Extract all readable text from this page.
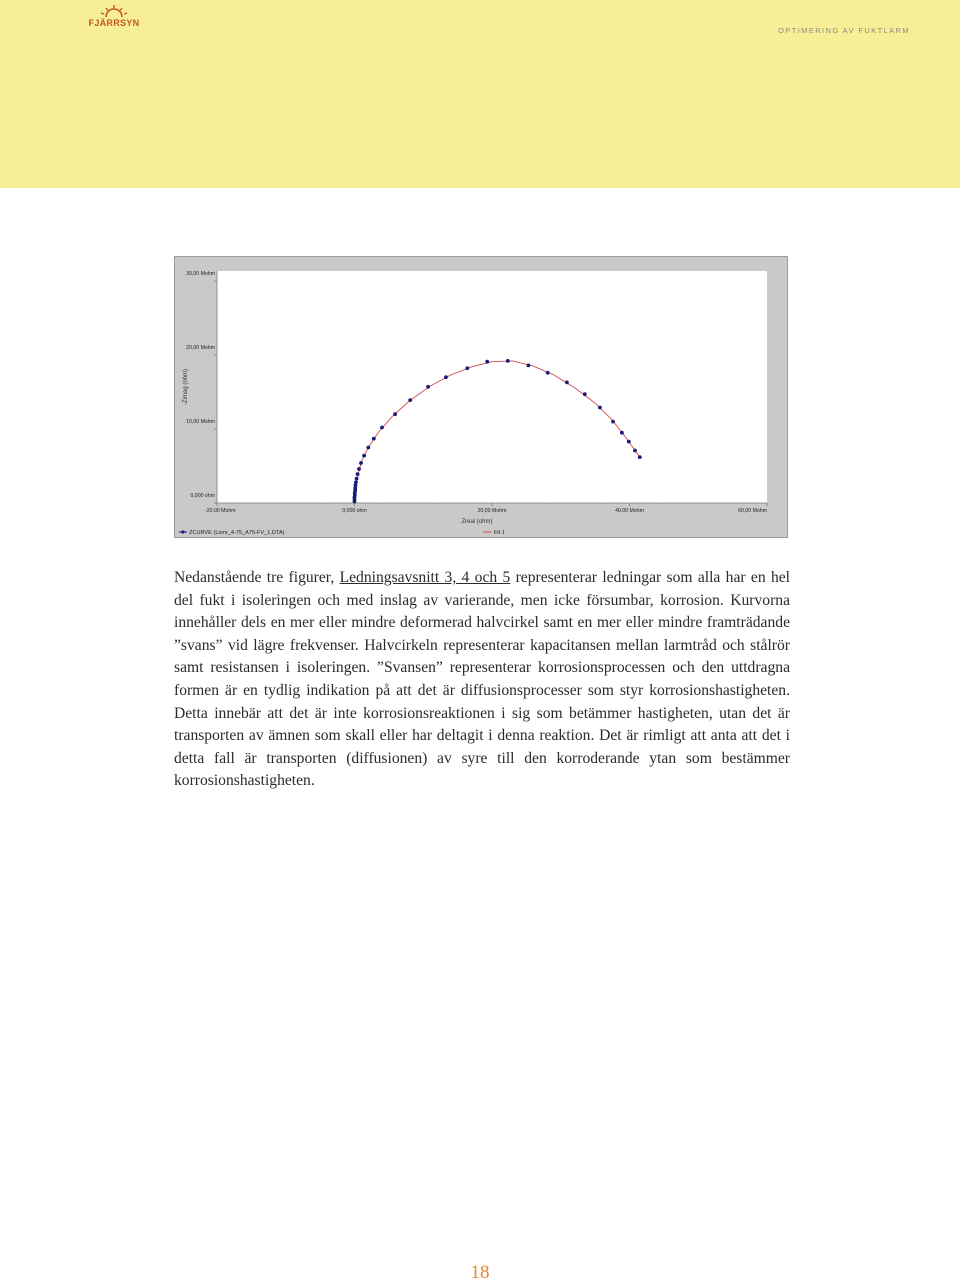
FJÄRRSYN
OPTIMERING AV FUKTLARM
0,000 ohm
10,00 Mohm
20,00 Mohm
30,00 Mohm
-20,00 Mohm	0,000 ohm	20,00 Mohm	40,00 Mohm	60,00 Mohm
-Zimag (ohm)
Zreal (ohm)
ZCURVE (Lsmr_4-75_A75-FV_1.DTA)	Fit 1
Nedanstående tre figurer, Ledningsavsnitt 3, 4 och 5 representerar ledningar som alla har en hel del fukt i isoleringen och med inslag av varierande, men icke försumbar, korrosion. Kurvorna innehåller dels en mer eller mindre deformerad halvcirkel samt en mer eller mindre framträdande ”svans” vid lägre frekvenser. Halvcirkeln representerar kapacitansen mellan larmtråd och stålrör samt resistansen i isoleringen. ”Svansen” representerar korrosionsprocessen och den uttdragna formen är en tydlig indikation på att det är diffusionsprocesser som styr korrosionshastigheten. Detta innebär att det är inte korrosionsreaktionen i sig som betämmer hastigheten, utan det är transporten av ämnen som skall eller har deltagit i denna reaktion. Det är rimligt att anta att det i detta fall är transporten (diffusionen) av syre till den korroderande ytan som bestämmer korrosionshastigheten.
18
